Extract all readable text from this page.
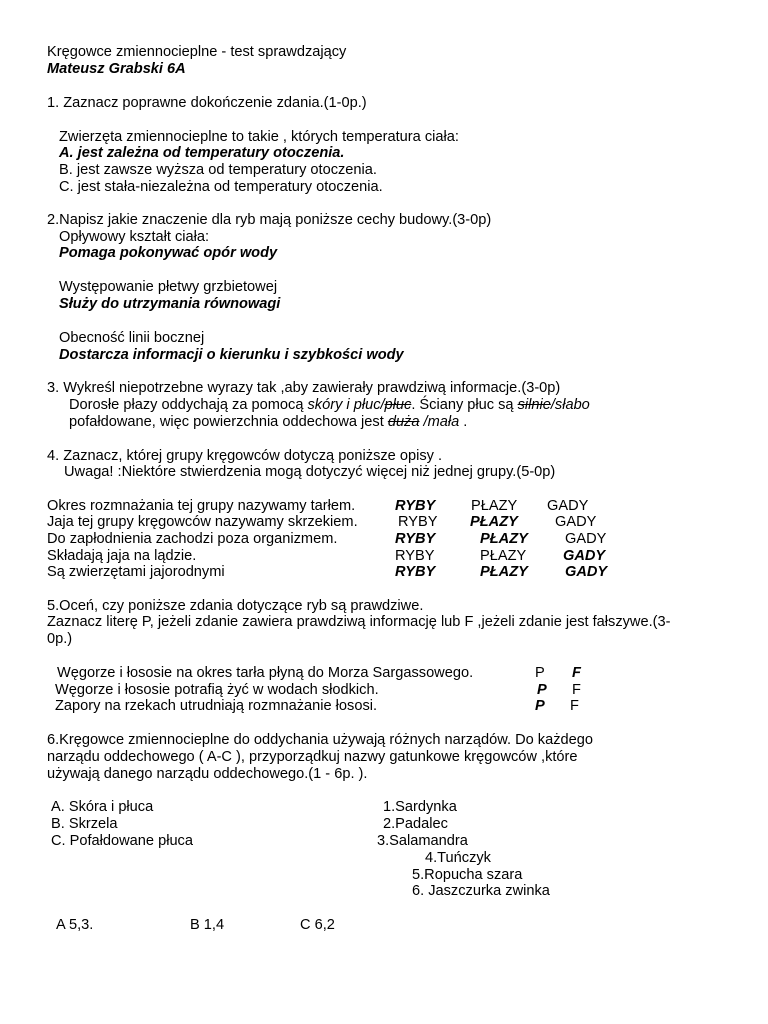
Kręgowce zmiennocieplne - test sprawdzający
Mateusz Grabski 6A
1. Zaznacz poprawne dokończenie zdania.(1-0p.)
Zwierzęta zmiennocieplne to takie , których temperatura ciała:
A. jest zależna od temperatury otoczenia.
B. jest zawsze wyższa od temperatury otoczenia.
C. jest stała-niezależna od temperatury otoczenia.
2.Napisz jakie znaczenie dla ryb mają poniższe cechy budowy.(3-0p)
Opływowy kształt ciała:
Pomaga pokonywać opór wody
Występowanie płetwy grzbietowej
Służy do utrzymania równowagi
Obecność linii bocznej
Dostarcza informacji o kierunku i szybkości wody
3. Wykreśl niepotrzebne wyrazy tak ,aby zawierały prawdziwą informacje.(3-0p)
Dorosłe płazy oddychają za pomocą skóry i płuc/płuc. Ściany płuc są silnie/słabo
pofałdowane, więc powierzchnia oddechowa jest duża /mała .
4. Zaznacz, której grupy kręgowców dotyczą poniższe opisy .
Uwaga! :Niektóre stwierdzenia mogą dotyczyć więcej niż jednej grupy.(5-0p)
Okres rozmnażania tej grupy nazywamy tarłem.	RYBY PŁAZY GADY
Jaja tej grupy kręgowców nazywamy skrzekiem.	RYBY PŁAZY	GADY
Do zapłodnienia zachodzi poza organizmem.	RYBY	PŁAZY	GADY
Składają jaja na lądzie.	RYBY	PŁAZY	GADY
Są zwierzętami jajorodnymi	RYBY	PŁAZY	GADY
5.Oceń, czy poniższe zdania dotyczące ryb są prawdziwe.
Zaznacz literę P, jeżeli zdanie zawiera prawdziwą informację lub F ,jeżeli zdanie jest fałszywe.(3-
0p.)
Węgorze i łososie na okres tarła płyną do Morza Sargassowego.	P F
Węgorze i łososie potrafią żyć w wodach słodkich.	P F
Zapory na rzekach utrudniają rozmnażanie łososi.	P F
6.Kręgowce zmiennocieplne do oddychania używają różnych narządów. Do każdego
narządu oddechowego ( A-C ), przyporządkuj nazwy gatunkowe kręgowców ,które
używają danego narządu oddechowego.(1 - 6p. ).
A. Skóra i płuca
B. Skrzela
C. Pofałdowane płuca
1.Sardynka
2.Padalec
3.Salamandra
4.Tuńczyk
5.Ropucha szara
6. Jaszczurka zwinka
A 5,3.	B 1,4	C 6,2
